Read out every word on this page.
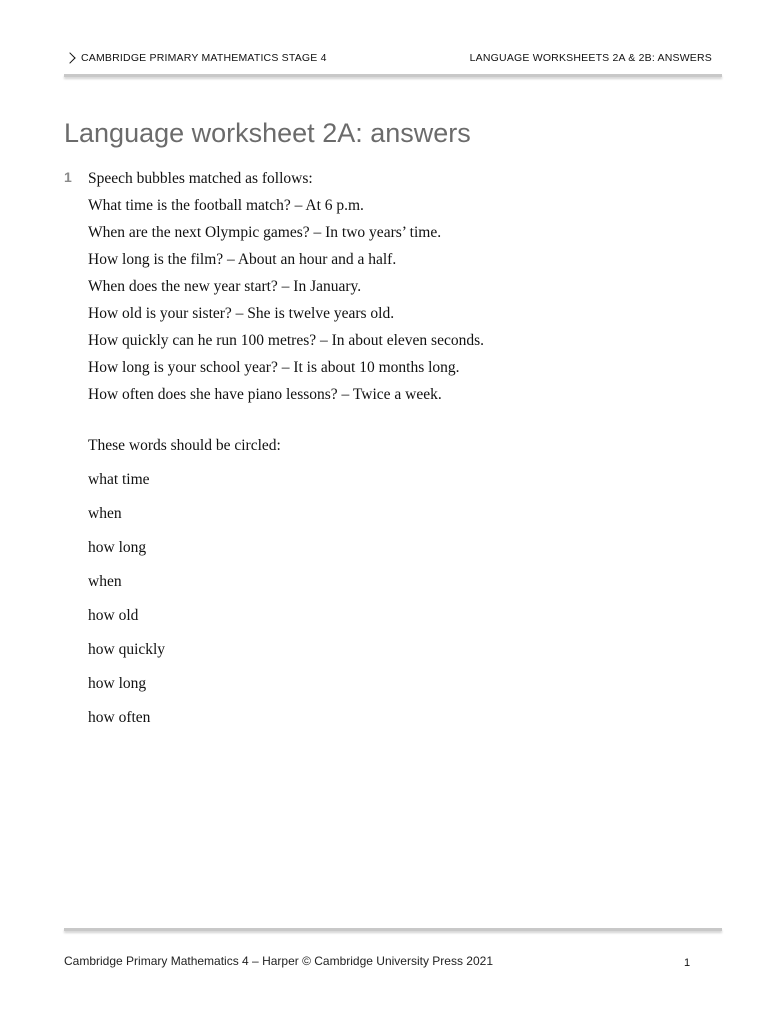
CAMBRIDGE PRIMARY MATHEMATICS STAGE 4	LANGUAGE WORKSHEETS 2A & 2B: ANSWERS
Language worksheet 2A: answers
1 Speech bubbles matched as follows:
What time is the football match? – At 6 p.m.
When are the next Olympic games? – In two years’ time.
How long is the film? – About an hour and a half.
When does the new year start? – In January.
How old is your sister? – She is twelve years old.
How quickly can he run 100 metres? – In about eleven seconds.
How long is your school year? – It is about 10 months long.
How often does she have piano lessons? – Twice a week.
These words should be circled:
what time
when
how long
when
how old
how quickly
how long
how often
Cambridge Primary Mathematics 4 – Harper © Cambridge University Press 2021	1
